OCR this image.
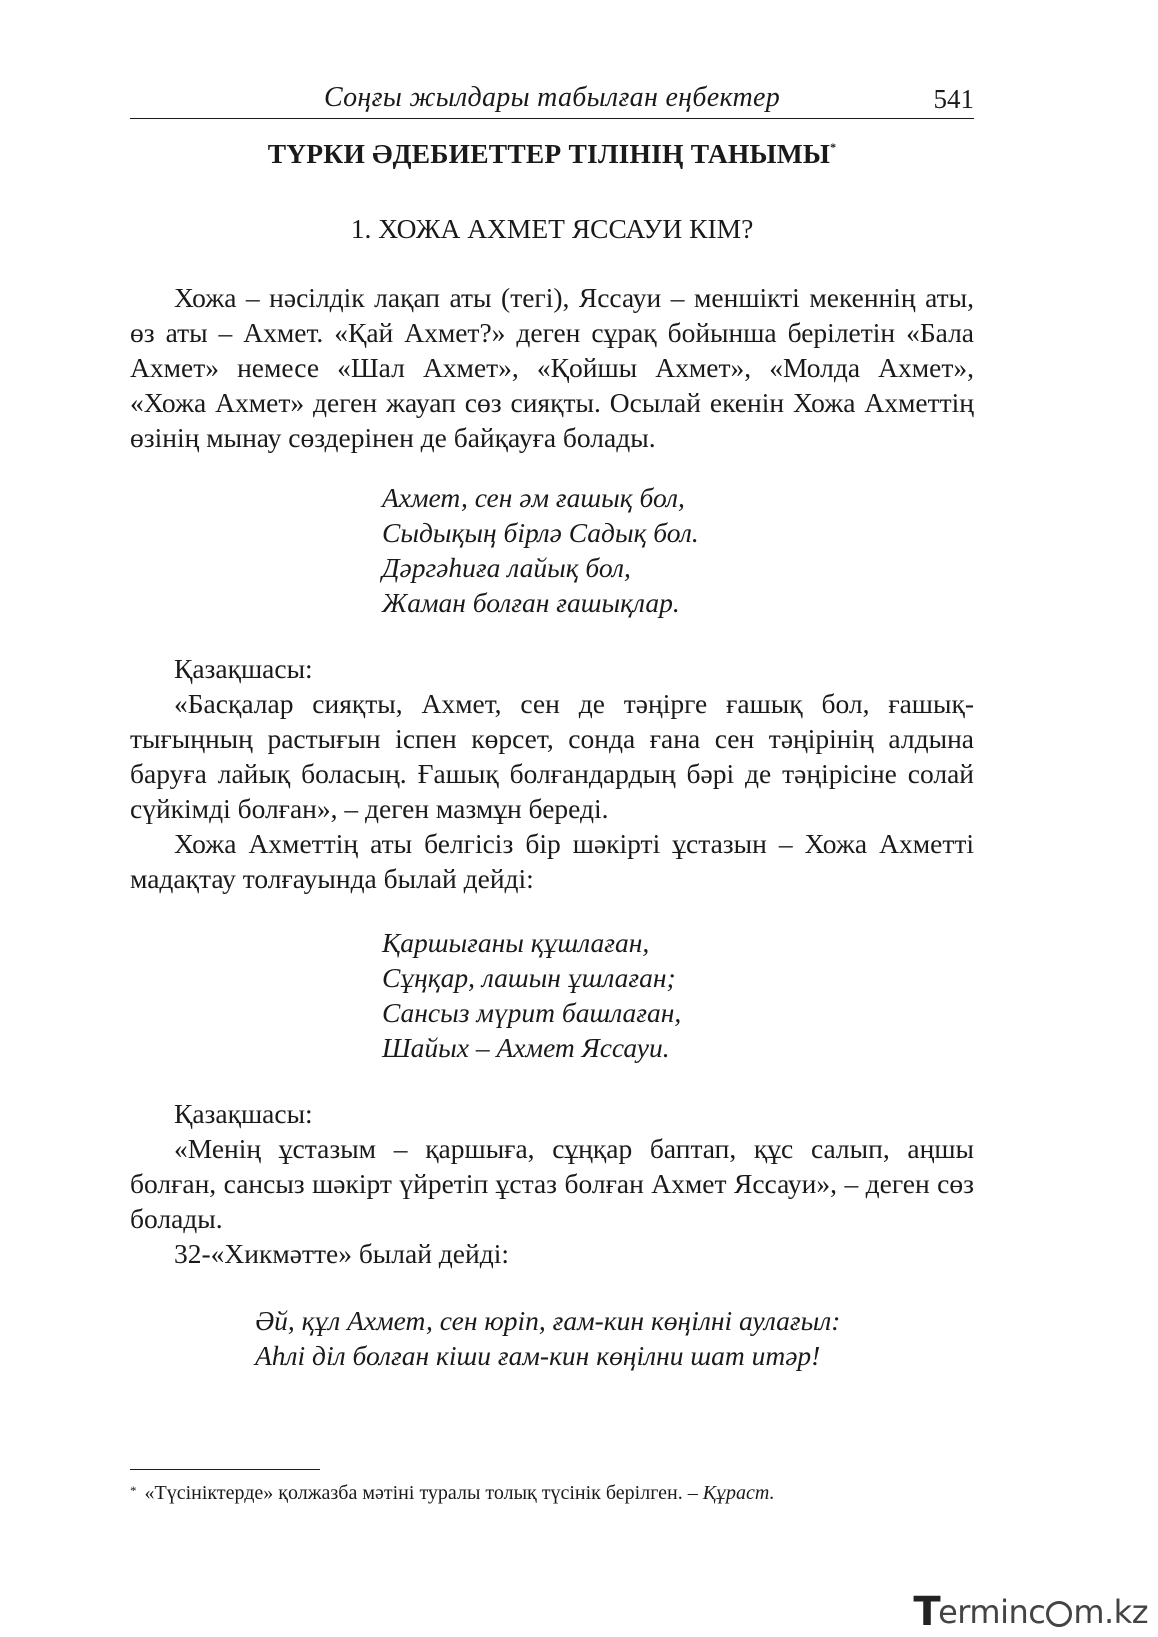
Соңғы жылдары табылған еңбектер	541
ТҮРКИ ӘДЕБИЕТТЕР ТІЛІНІҢ ТАНЫМЫ*
1. ХОЖА АХМЕТ ЯССАУИ КІМ?

Хожа – нәсілдік лақап аты (тегі), Яссауи – меншікті мекеннің аты, өз аты – Ахмет. «Қай Ахмет?» деген сұрақ бойынша берілетін «Бала Ахмет» немесе «Шал Ахмет», «Қойшы Ахмет», «Молда Ахмет», «Хожа Ахмет» деген жауап сөз сияқты. Осылай екенін Хожа Ахметтің өзінің мынау сөздерінен де байқауға болады.

Ахмет, сен әм ғашық бол,
Сыдықың бірлә Садық бол.
Дәргәһиға лайық бол,
Жаман болған ғашықлар.

Қазақшасы:

«Басқалар сияқты, Ахмет, сен де тәңірге ғашық бол, ғашықтығыңның растығын іспен көрсет, сонда ғана сен тәңірінің алдына баруға лайық боласың. Ғашық болғандардың бәрі де тәңірісіне солай сүйкімді болған», – деген мазмұн береді.

Хожа Ахметтің аты белгісіз бір шәкірті ұстазын – Хожа Ахметті мадақтау толғауында былай дейді:

Қаршығаны құшлаған,
Сұңқар, лашын ұшлаған;
Сансыз мүрит башлаған,
Шайых – Ахмет Яссауи.

Қазақшасы:

«Менің ұстазым – қаршыға, сұңқар баптап, құс салып, аңшы болған, сансыз шәкірт үйретіп ұстаз болған Ахмет Яссауи», – деген сөз болады.

32-«Хикмәтте» былай дейді:

Әй, құл Ахмет, сен юріп, ғам-кин көңілні аулағыл:
Аһлі діл болған кіши ғам-кин көңілни шат итәр!
* «Түсініктерде» қолжазба мәтіні туралы толық түсінік берілген. – Құраст.
T
ermin c m.kz
